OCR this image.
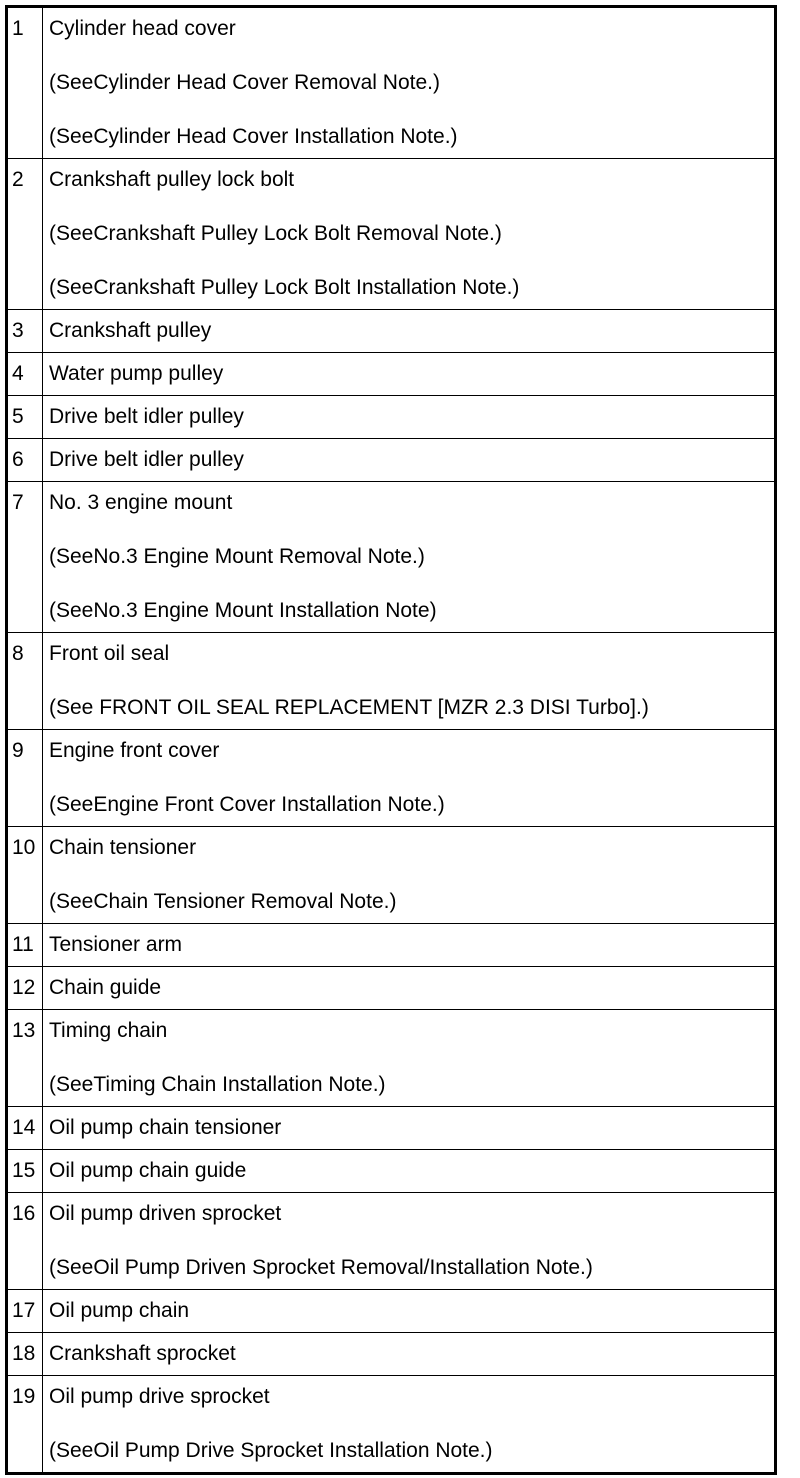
1	Cylinder head cover
(SeeCylinder Head Cover Removal Note.)
(SeeCylinder Head Cover Installation Note.)

2	Crankshaft pulley lock bolt
(SeeCrankshaft Pulley Lock Bolt Removal Note.)
(SeeCrankshaft Pulley Lock Bolt Installation Note.)

3	Crankshaft pulley

4	Water pump pulley

5	Drive belt idler pulley

6	Drive belt idler pulley

7	No. 3 engine mount
(SeeNo.3 Engine Mount Removal Note.)
(SeeNo.3 Engine Mount Installation Note)

8	Front oil seal
(See FRONT OIL SEAL REPLACEMENT [MZR 2.3 DISI Turbo].)

9	Engine front cover
(SeeEngine Front Cover Installation Note.)

10	Chain tensioner
(SeeChain Tensioner Removal Note.)

11	Tensioner arm

12	Chain guide

13	Timing chain
(SeeTiming Chain Installation Note.)

14	Oil pump chain tensioner

15	Oil pump chain guide

16	Oil pump driven sprocket
(SeeOil Pump Driven Sprocket Removal/Installation Note.)

17	Oil pump chain

18	Crankshaft sprocket

19	Oil pump drive sprocket
(SeeOil Pump Drive Sprocket Installation Note.)
